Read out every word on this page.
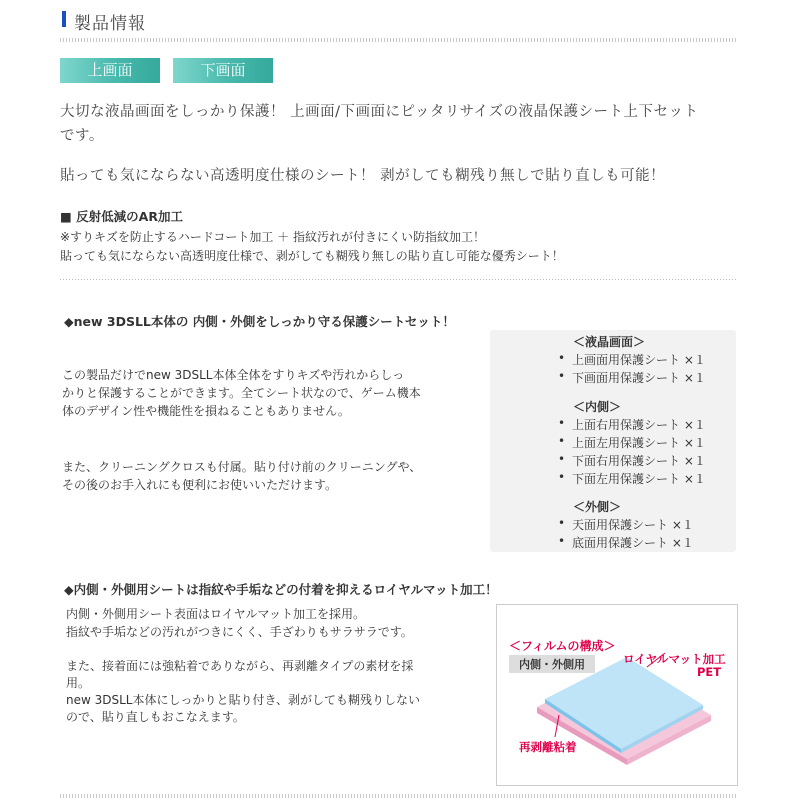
製品情報
上画面	下画面
大切な液晶画面をしっかり保護！ 上画面/下画面にピッタリサイズの液晶保護シート上下セット
です。
貼っても気にならない高透明度仕様のシート！ 剥がしても糊残り無しで貼り直しも可能！
■ 反射低減のAR加工
※すりキズを防止するハードコート加工 ＋ 指紋汚れが付きにくい防指紋加工！
貼っても気にならない高透明度仕様で、剥がしても糊残り無しの貼り直し可能な優秀シート！
◆new 3DSLL本体の 内側・外側をしっかり守る保護シートセット！
この製品だけでnew 3DSLL本体全体をすりキズや汚れからしっ
かりと保護することができます。全てシート状なので、ゲーム機本
体のデザイン性や機能性を損ねることもありません。
また、クリーニングクロスも付属。貼り付け前のクリーニングや、
その後のお手入れにも便利にお使いいただけます。
＜液晶画面＞
• 上画面用保護シート ×１
• 下画面用保護シート ×１
＜内側＞
• 上面右用保護シート ×１
• 上面左用保護シート ×１
• 下面右用保護シート ×１
• 下面左用保護シート ×１
＜外側＞
• 天面用保護シート ×１
• 底面用保護シート ×１
◆内側・外側用シートは指紋や手垢などの付着を抑えるロイヤルマット加工！
内側・外側用シート表面はロイヤルマット加工を採用。
指紋や手垢などの汚れがつきにくく、手ざわりもサラサラです。
また、接着面には強粘着でありながら、再剥離タイプの素材を採
用。
new 3DSLL本体にしっかりと貼り付き、剥がしても糊残りしない
ので、貼り直しもおこなえます。
＜フィルムの構成＞
内側・外側用	ロイヤルマット加工
PET
再剥離粘着
